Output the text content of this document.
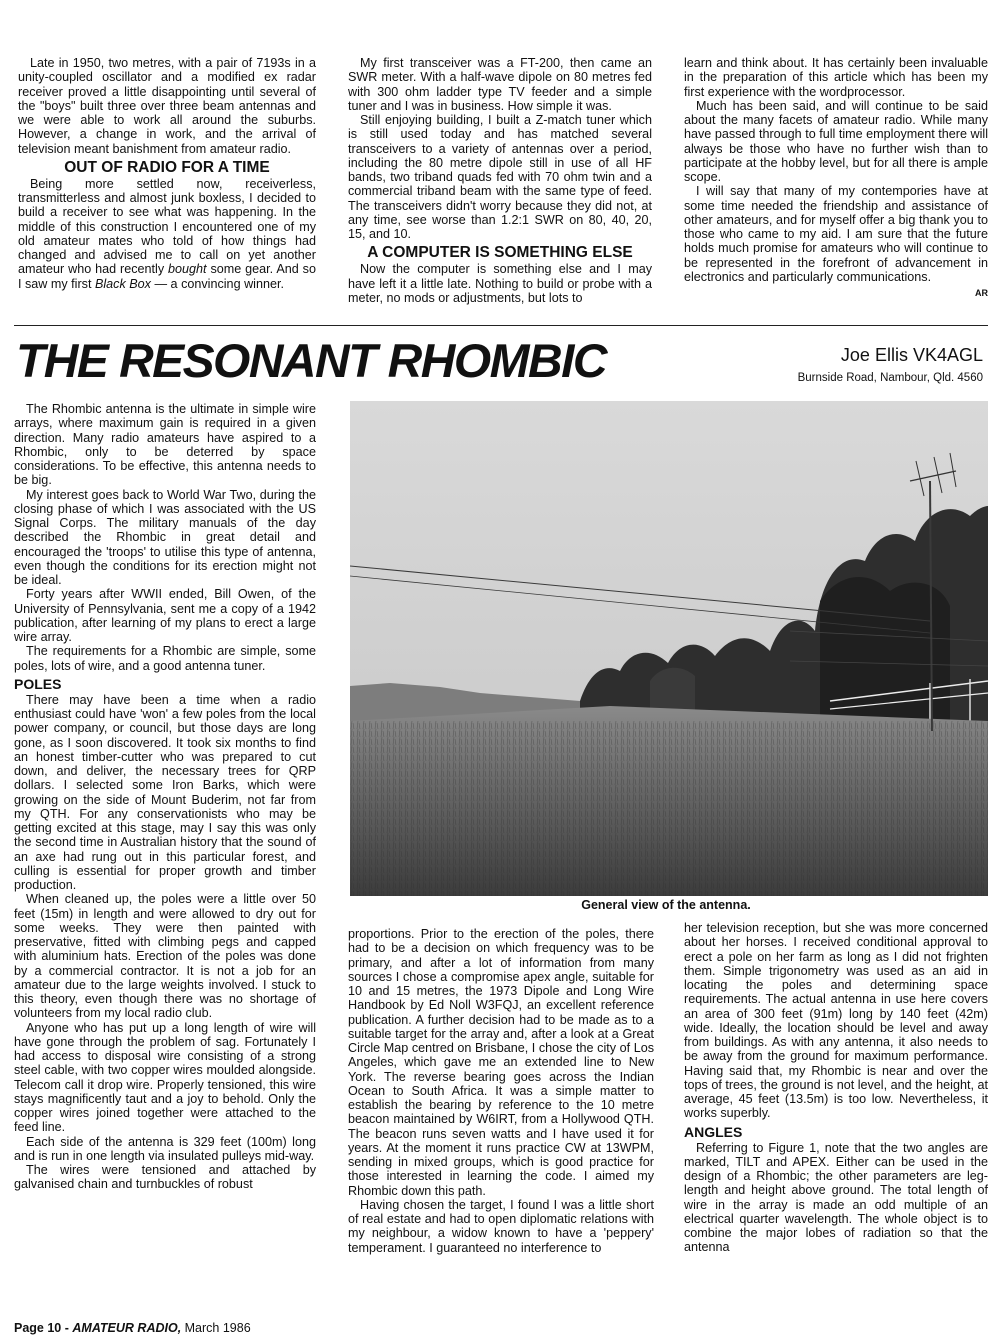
Late in 1950, two metres, with a pair of 7193s in a unity-coupled oscillator and a modified ex radar receiver proved a little disappointing until several of the "boys" built three over three beam antennas and we were able to work all around the suburbs. However, a change in work, and the arrival of television meant banishment from amateur radio.

OUT OF RADIO FOR A TIME

Being more settled now, receiverless, transmitterless and almost junk boxless, I decided to build a receiver to see what was happening. In the middle of this construction I encountered one of my old amateur mates who told of how things had changed and advised me to call on yet another amateur who had recently bought some gear. And so I saw my first Black Box — a convincing winner.

My first transceiver was a FT-200, then came an SWR meter. With a half-wave dipole on 80 metres fed with 300 ohm ladder type TV feeder and a simple tuner and I was in business. How simple it was.

Still enjoying building, I built a Z-match tuner which is still used today and has matched several transceivers to a variety of antennas over a period, including the 80 metre dipole still in use of all HF bands, two triband quads fed with 70 ohm twin and a commercial triband beam with the same type of feed. The transceivers didn't worry because they did not, at any time, see worse than 1.2:1 SWR on 80, 40, 20, 15, and 10.

A COMPUTER IS SOMETHING ELSE

Now the computer is something else and I may have left it a little late. Nothing to build or probe with a meter, no mods or adjustments, but lots to

learn and think about. It has certainly been invaluable in the preparation of this article which has been my first experience with the wordprocessor.

Much has been said, and will continue to be said about the many facets of amateur radio. While many have passed through to full time employment there will always be those who have no further wish than to participate at the hobby level, but for all there is ample scope.

I will say that many of my contempories have at some time needed the friendship and assistance of other amateurs, and for myself offer a big thank you to those who came to my aid. I am sure that the future holds much promise for amateurs who will continue to be represented in the forefront of advancement in electronics and particularly communications.

AR

THE RESONANT RHOMBIC	Joe Ellis VK4AGL
Burnside Road, Nambour, Qld. 4560
General view of the antenna.

The Rhombic antenna is the ultimate in simple wire arrays, where maximum gain is required in a given direction. Many radio amateurs have aspired to a Rhombic, only to be deterred by space considerations. To be effective, this antenna needs to be big.

My interest goes back to World War Two, during the closing phase of which I was associated with the US Signal Corps. The military manuals of the day described the Rhombic in great detail and encouraged the 'troops' to utilise this type of antenna, even though the conditions for its erection might not be ideal.

Forty years after WWII ended, Bill Owen, of the University of Pennsylvania, sent me a copy of a 1942 publication, after learning of my plans to erect a large wire array.

The requirements for a Rhombic are simple, some poles, lots of wire, and a good antenna tuner.

POLES

There may have been a time when a radio enthusiast could have 'won' a few poles from the local power company, or council, but those days are long gone, as I soon discovered. It took six months to find an honest timber-cutter who was prepared to cut down, and deliver, the necessary trees for QRP dollars. I selected some Iron Barks, which were growing on the side of Mount Buderim, not far from my QTH. For any conservationists who may be getting excited at this stage, may I say this was only the second time in Australian history that the sound of an axe had rung out in this particular forest, and culling is essential for proper growth and timber production.

When cleaned up, the poles were a little over 50 feet (15m) in length and were allowed to dry out for some weeks. They were then painted with preservative, fitted with climbing pegs and capped with aluminium hats. Erection of the poles was done by a commercial contractor. It is not a job for an amateur due to the large weights involved. I stuck to this theory, even though there was no shortage of volunteers from my local radio club.

Anyone who has put up a long length of wire will have gone through the problem of sag. Fortunately I had access to disposal wire consisting of a strong steel cable, with two copper wires moulded alongside. Telecom call it drop wire. Properly tensioned, this wire stays magnificently taut and a joy to behold. Only the copper wires joined together were attached to the feed line.

Each side of the antenna is 329 feet (100m) long and is run in one length via insulated pulleys mid-way.

The wires were tensioned and attached by galvanised chain and turnbuckles of robust

proportions. Prior to the erection of the poles, there had to be a decision on which frequency was to be primary, and after a lot of information from many sources I chose a compromise apex angle, suitable for 10 and 15 metres, the 1973 Dipole and Long Wire Handbook by Ed Noll W3FQJ, an excellent reference publication. A further decision had to be made as to a suitable target for the array and, after a look at a Great Circle Map centred on Brisbane, I chose the city of Los Angeles, which gave me an extended line to New York. The reverse bearing goes across the Indian Ocean to South Africa. It was a simple matter to establish the bearing by reference to the 10 metre beacon maintained by W6IRT, from a Hollywood QTH. The beacon runs seven watts and I have used it for years. At the moment it runs practice CW at 13WPM, sending in mixed groups, which is good practice for those interested in learning the code. I aimed my Rhombic down this path.

Having chosen the target, I found I was a little short of real estate and had to open diplomatic relations with my neighbour, a widow known to have a 'peppery' temperament. I guaranteed no interference to

her television reception, but she was more concerned about her horses. I received conditional approval to erect a pole on her farm as long as I did not frighten them. Simple trigonometry was used as an aid in locating the poles and determining space requirements. The actual antenna in use here covers an area of 300 feet (91m) long by 140 feet (42m) wide. Ideally, the location should be level and away from buildings. As with any antenna, it also needs to be away from the ground for maximum performance. Having said that, my Rhombic is near and over the tops of trees, the ground is not level, and the height, at average, 45 feet (13.5m) is too low. Nevertheless, it works superbly.

ANGLES

Referring to Figure 1, note that the two angles are marked, TILT and APEX. Either can be used in the design of a Rhombic; the other parameters are leg-length and height above ground. The total length of wire in the array is made an odd multiple of an electrical quarter wavelength. The whole object is to combine the major lobes of radiation so that the antenna

Page 10 - AMATEUR RADIO, March 1986
